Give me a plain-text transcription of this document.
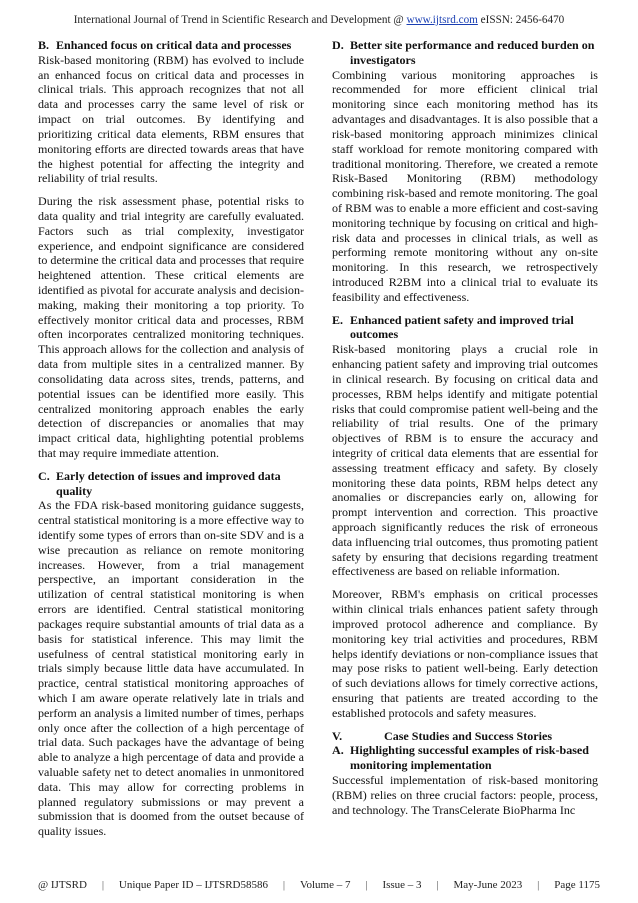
International Journal of Trend in Scientific Research and Development @ www.ijtsrd.com eISSN: 2456-6470
B. Enhanced focus on critical data and processes

Risk-based monitoring (RBM) has evolved to include an enhanced focus on critical data and processes in clinical trials. This approach recognizes that not all data and processes carry the same level of risk or impact on trial outcomes. By identifying and prioritizing critical data elements, RBM ensures that monitoring efforts are directed towards areas that have the highest potential for affecting the integrity and reliability of trial results.

During the risk assessment phase, potential risks to data quality and trial integrity are carefully evaluated. Factors such as trial complexity, investigator experience, and endpoint significance are considered to determine the critical data and processes that require heightened attention. These critical elements are identified as pivotal for accurate analysis and decision-making, making their monitoring a top priority. To effectively monitor critical data and processes, RBM often incorporates centralized monitoring techniques. This approach allows for the collection and analysis of data from multiple sites in a centralized manner. By consolidating data across sites, trends, patterns, and potential issues can be identified more easily. This centralized monitoring approach enables the early detection of discrepancies or anomalies that may impact critical data, highlighting potential problems that may require immediate attention.

C. Early detection of issues and improved data quality

As the FDA risk-based monitoring guidance suggests, central statistical monitoring is a more effective way to identify some types of errors than on-site SDV and is a wise precaution as reliance on remote monitoring increases. However, from a trial management perspective, an important consideration in the utilization of central statistical monitoring is when errors are identified. Central statistical monitoring packages require substantial amounts of trial data as a basis for statistical inference. This may limit the usefulness of central statistical monitoring early in trials simply because little data have accumulated. In practice, central statistical monitoring approaches of which I am aware operate relatively late in trials and perform an analysis a limited number of times, perhaps only once after the collection of a high percentage of trial data. Such packages have the advantage of being able to analyze a high percentage of data and provide a valuable safety net to detect anomalies in unmonitored data. This may allow for correcting problems in planned regulatory submissions or may prevent a submission that is doomed from the outset because of quality issues.

D. Better site performance and reduced burden on investigators

Combining various monitoring approaches is recommended for more efficient clinical trial monitoring since each monitoring method has its advantages and disadvantages. It is also possible that a risk-based monitoring approach minimizes clinical staff workload for remote monitoring compared with traditional monitoring. Therefore, we created a remote Risk-Based Monitoring (RBM) methodology combining risk-based and remote monitoring. The goal of RBM was to enable a more efficient and cost-saving monitoring technique by focusing on critical and high-risk data and processes in clinical trials, as well as performing remote monitoring without any on-site monitoring. In this research, we retrospectively introduced R2BM into a clinical trial to evaluate its feasibility and effectiveness.

E. Enhanced patient safety and improved trial outcomes

Risk-based monitoring plays a crucial role in enhancing patient safety and improving trial outcomes in clinical research. By focusing on critical data and processes, RBM helps identify and mitigate potential risks that could compromise patient well-being and the reliability of trial results. One of the primary objectives of RBM is to ensure the accuracy and integrity of critical data elements that are essential for assessing treatment efficacy and safety. By closely monitoring these data points, RBM helps detect any anomalies or discrepancies early on, allowing for prompt intervention and correction. This proactive approach significantly reduces the risk of erroneous data influencing trial outcomes, thus promoting patient safety by ensuring that decisions regarding treatment effectiveness are based on reliable information.

Moreover, RBM's emphasis on critical processes within clinical trials enhances patient safety through improved protocol adherence and compliance. By monitoring key trial activities and procedures, RBM helps identify deviations or non-compliance issues that may pose risks to patient well-being. Early detection of such deviations allows for timely corrective actions, ensuring that patients are treated according to the established protocols and safety measures.

V.	Case Studies and Success Stories
A. Highlighting successful examples of risk-based monitoring implementation

Successful implementation of risk-based monitoring (RBM) relies on three crucial factors: people, process, and technology. The TransCelerate BioPharma Inc

@ IJTSRD | Unique Paper ID – IJTSRD58586 | Volume – 7 | Issue – 3 | May-June 2023 | Page 1175
